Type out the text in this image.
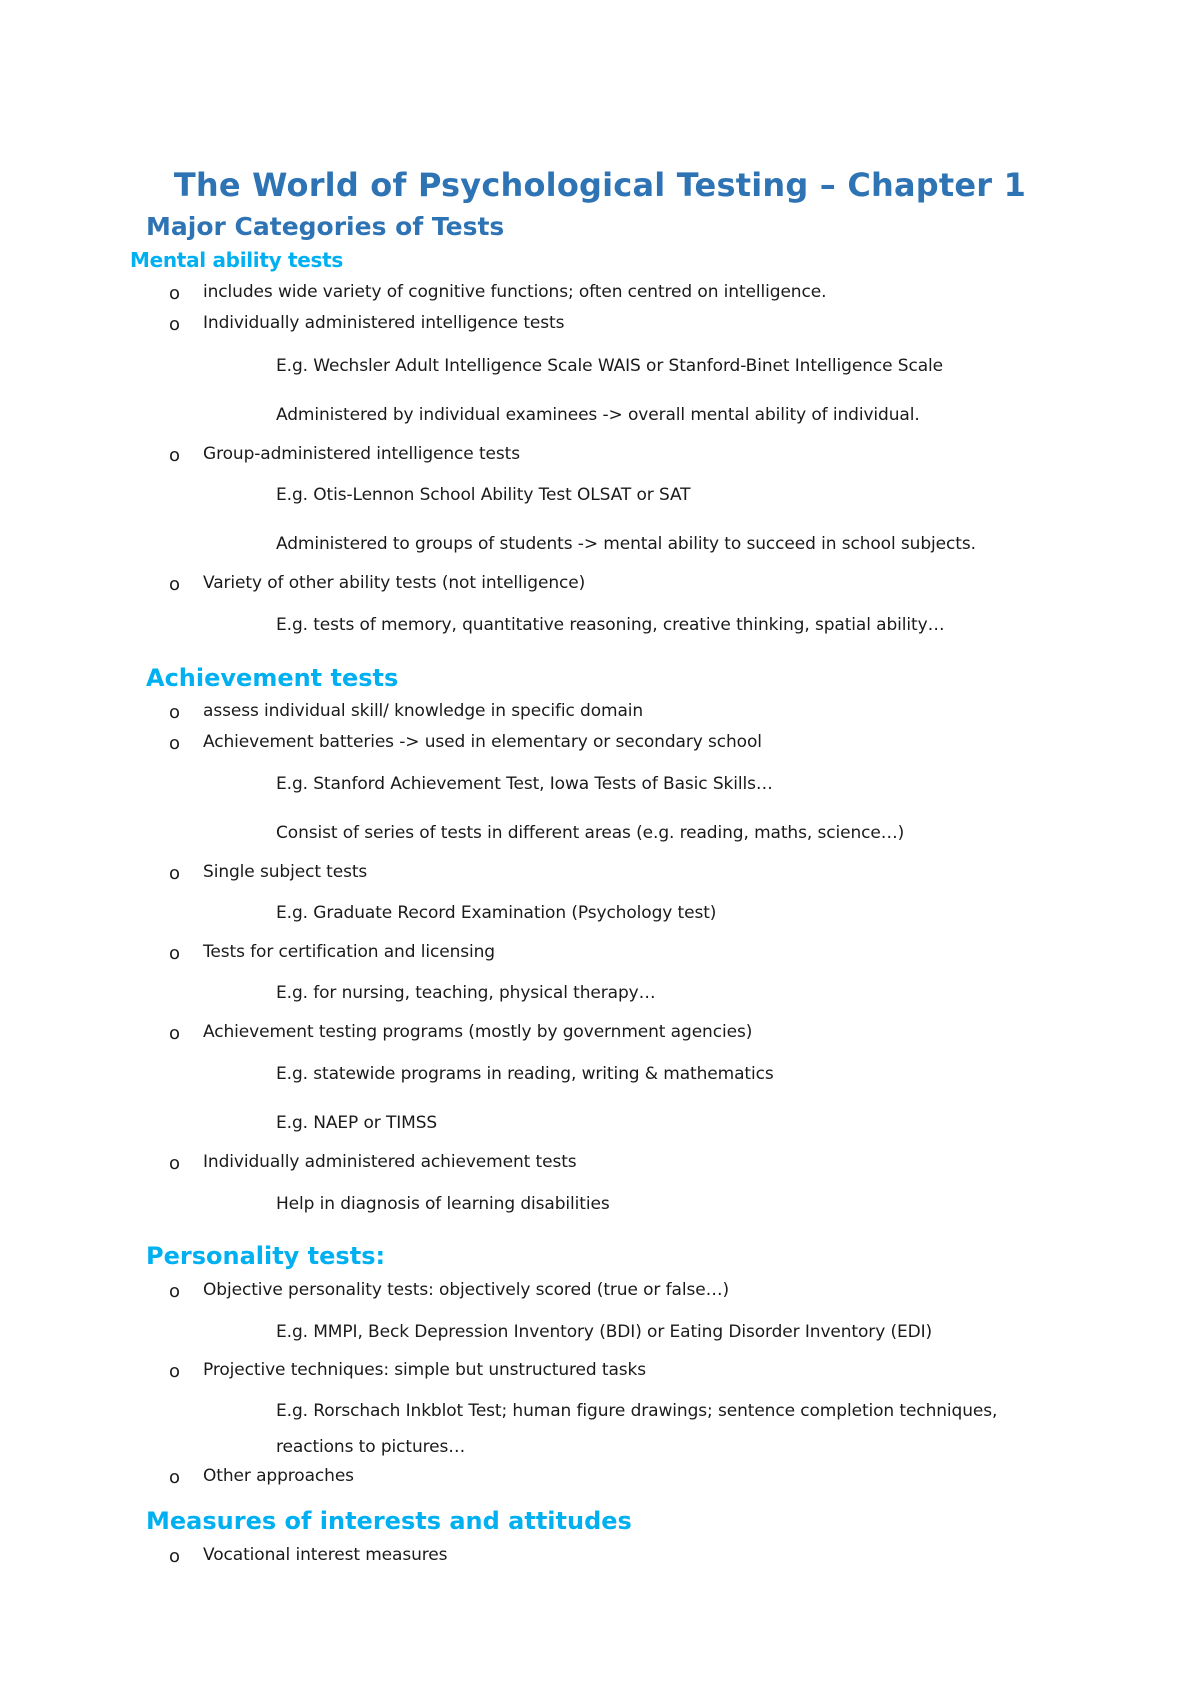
The World of Psychological Testing – Chapter 1
Major Categories of Tests
Mental ability tests
o includes wide variety of cognitive functions; often centred on intelligence.
o Individually administered intelligence tests
E.g. Wechsler Adult Intelligence Scale WAIS or Stanford-Binet Intelligence Scale
Administered by individual examinees -> overall mental ability of individual.
o Group-administered intelligence tests
E.g. Otis-Lennon School Ability Test OLSAT or SAT
Administered to groups of students -> mental ability to succeed in school subjects.
o Variety of other ability tests (not intelligence)
E.g. tests of memory, quantitative reasoning, creative thinking, spatial ability…
Achievement tests
o assess individual skill/ knowledge in specific domain
o Achievement batteries -> used in elementary or secondary school
E.g. Stanford Achievement Test, Iowa Tests of Basic Skills…
Consist of series of tests in different areas (e.g. reading, maths, science…)
o Single subject tests
E.g. Graduate Record Examination (Psychology test)
o Tests for certification and licensing
E.g. for nursing, teaching, physical therapy…
o Achievement testing programs (mostly by government agencies)
E.g. statewide programs in reading, writing & mathematics
E.g. NAEP or TIMSS
o Individually administered achievement tests
Help in diagnosis of learning disabilities
Personality tests:
o Objective personality tests: objectively scored (true or false…)
E.g. MMPI, Beck Depression Inventory (BDI) or Eating Disorder Inventory (EDI)
o Projective techniques: simple but unstructured tasks
E.g. Rorschach Inkblot Test; human figure drawings; sentence completion techniques,
reactions to pictures…
o Other approaches
Measures of interests and attitudes
o Vocational interest measures
